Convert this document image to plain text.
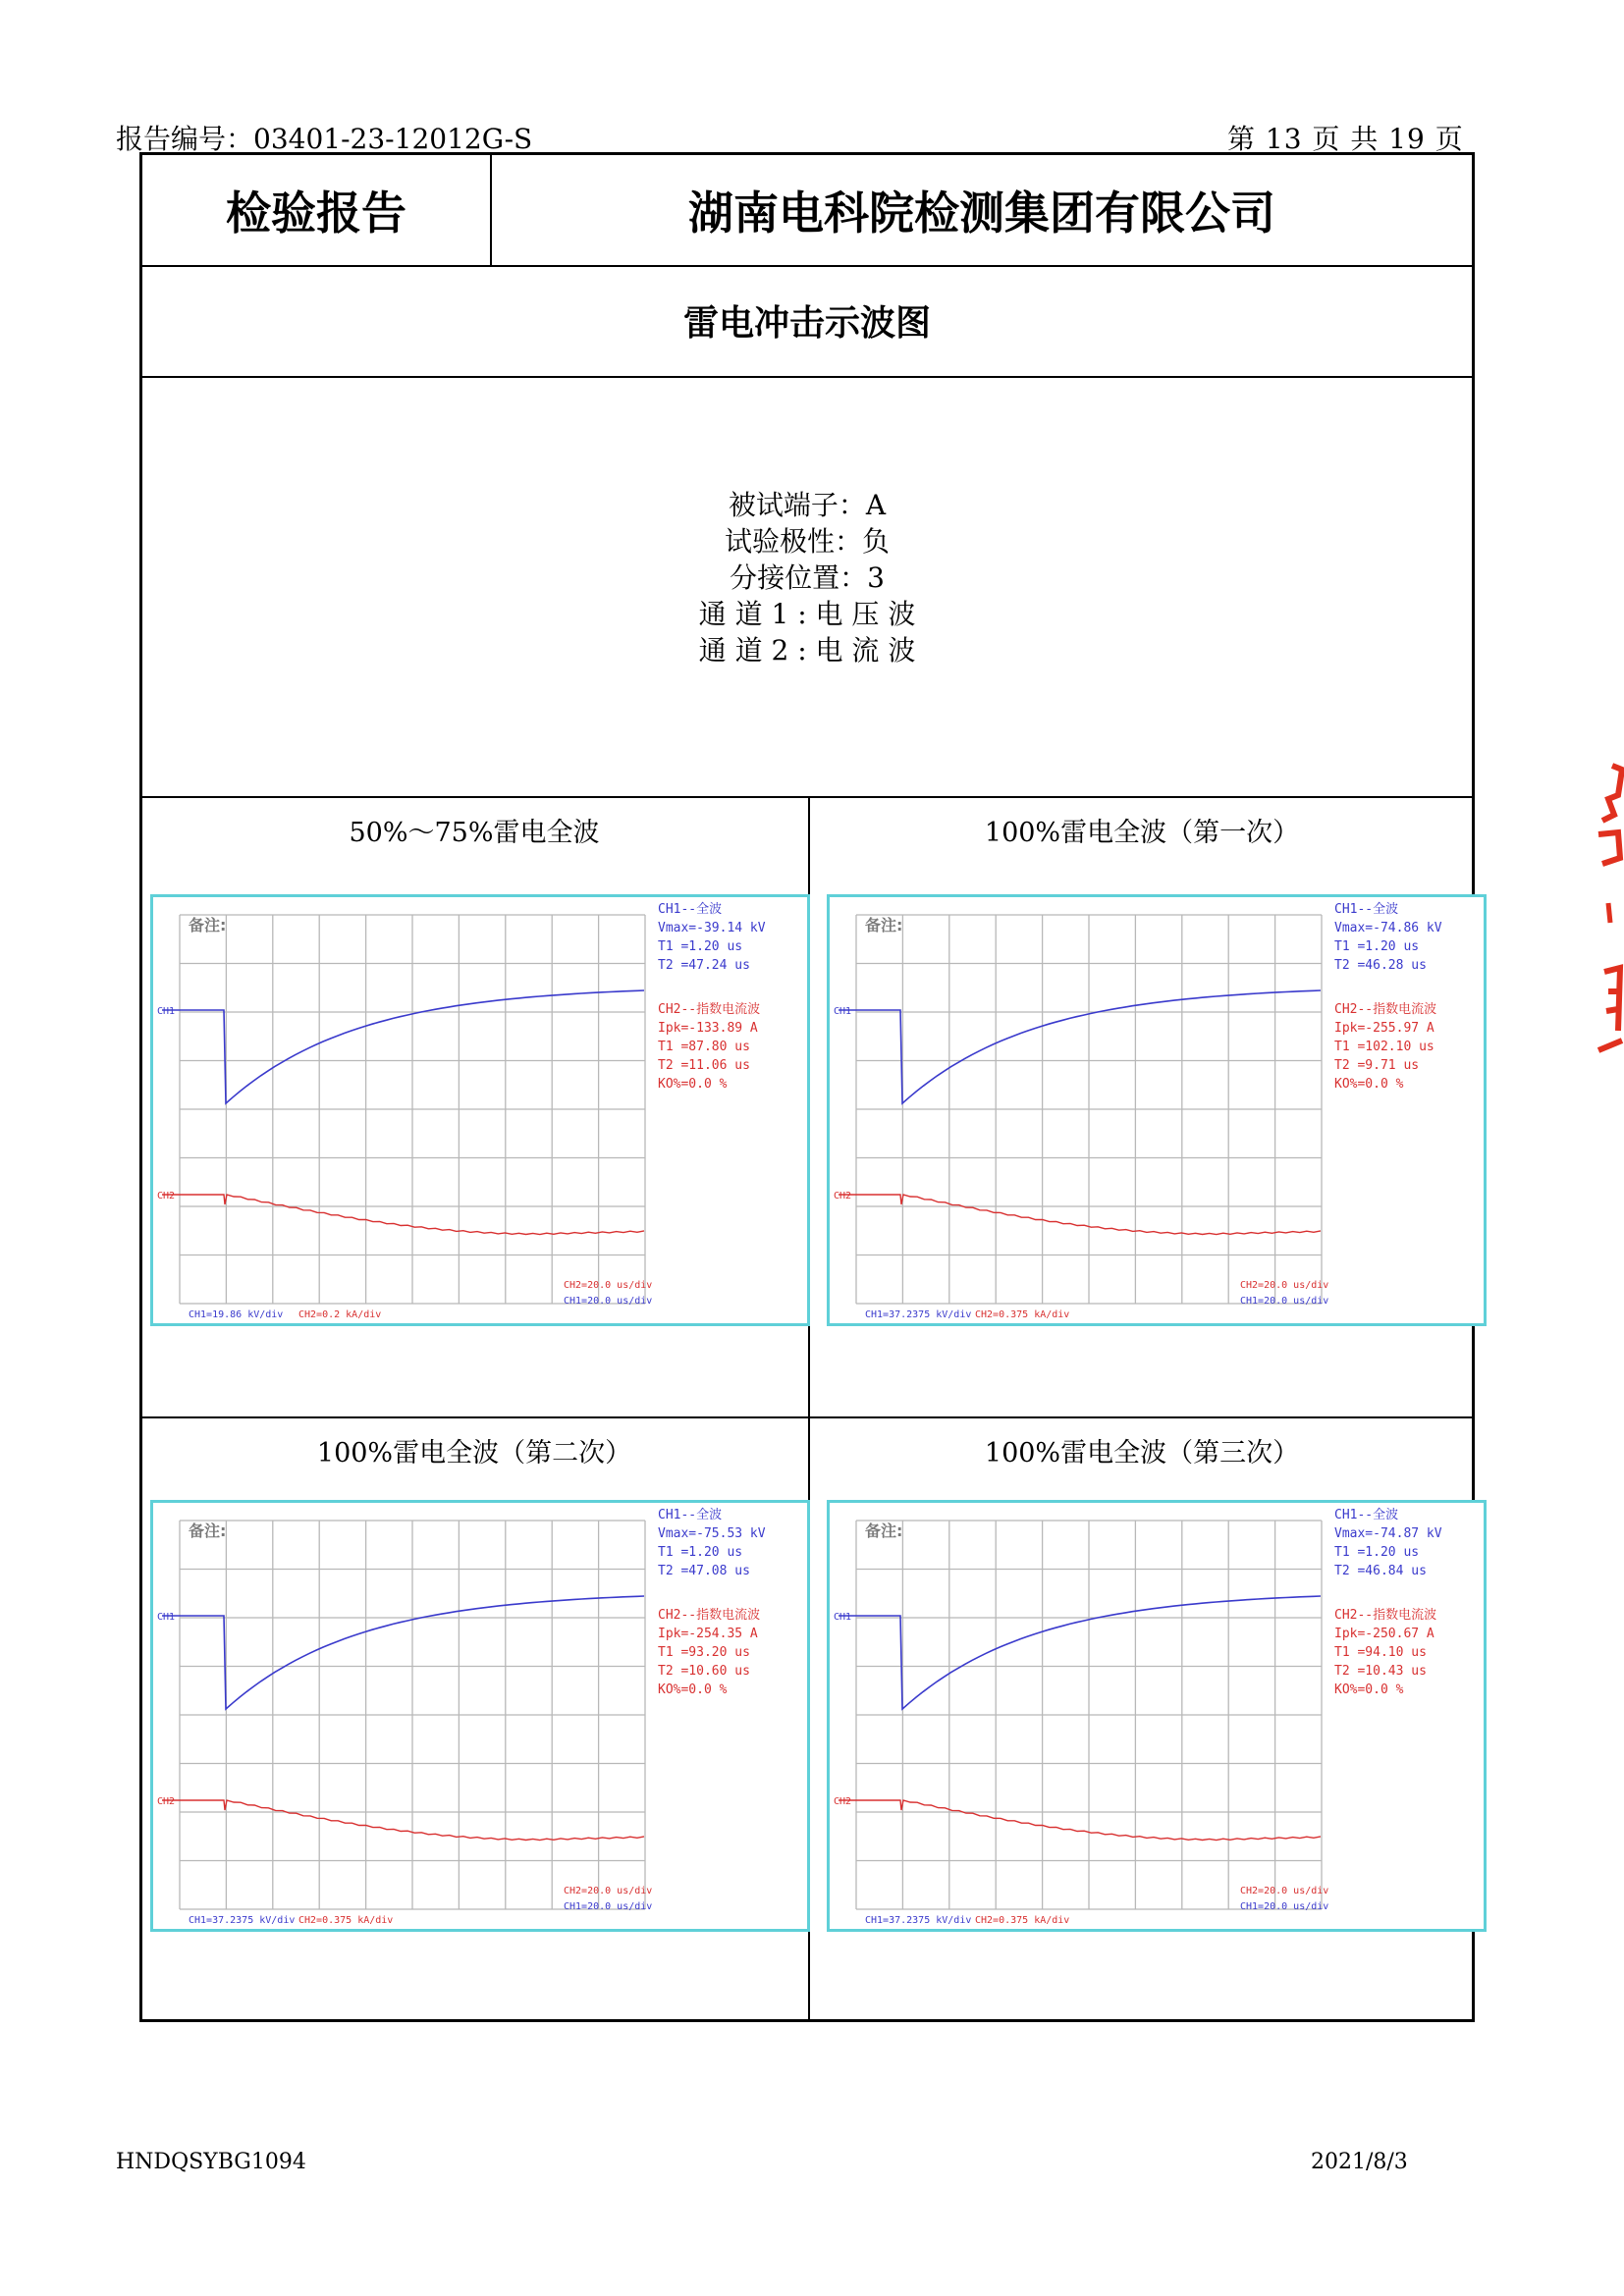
报告编号：03401-23-12012G-S	第 13 页 共 19 页
检验报告	湖南电科院检测集团有限公司
雷电冲击示波图
被试端子：A
试验极性：负
分接位置：3
通 道 1 : 电 压 波
通 道 2 : 电 流 波
50%～75%雷电全波	100%雷电全波（第一次）
100%雷电全波（第二次）	100%雷电全波（第三次）
备注:
CH1
CH2
CH1--全波
Vmax=-39.14 kV
T1 =1.20 us
T2 =47.24 us
CH2--指数电流波
Ipk=-133.89 A
T1 =87.80 us
T2 =11.06 us
KO%=0.0 %
CH2=20.0 us/div
CH1=20.0 us/div
CH1=19.86 kV/div CH2=0.2 kA/div
备注:
CH1
CH2
CH1--全波
Vmax=-74.86 kV
T1 =1.20 us
T2 =46.28 us
CH2--指数电流波
Ipk=-255.97 A
T1 =102.10 us
T2 =9.71 us
KO%=0.0 %
CH2=20.0 us/div
CH1=20.0 us/div
CH1=37.2375 kV/div CH2=0.375 kA/div
备注:
CH1
CH2
CH1--全波
Vmax=-75.53 kV
T1 =1.20 us
T2 =47.08 us
CH2--指数电流波
Ipk=-254.35 A
T1 =93.20 us
T2 =10.60 us
KO%=0.0 %
CH2=20.0 us/div
CH1=20.0 us/div
CH1=37.2375 kV/div CH2=0.375 kA/div
备注:
CH1
CH2
CH1--全波
Vmax=-74.87 kV
T1 =1.20 us
T2 =46.84 us
CH2--指数电流波
Ipk=-250.67 A
T1 =94.10 us
T2 =10.43 us
KO%=0.0 %
CH2=20.0 us/div
CH1=20.0 us/div
CH1=37.2375 kV/div CH2=0.375 kA/div
HNDQSYBG1094	2021/8/3
